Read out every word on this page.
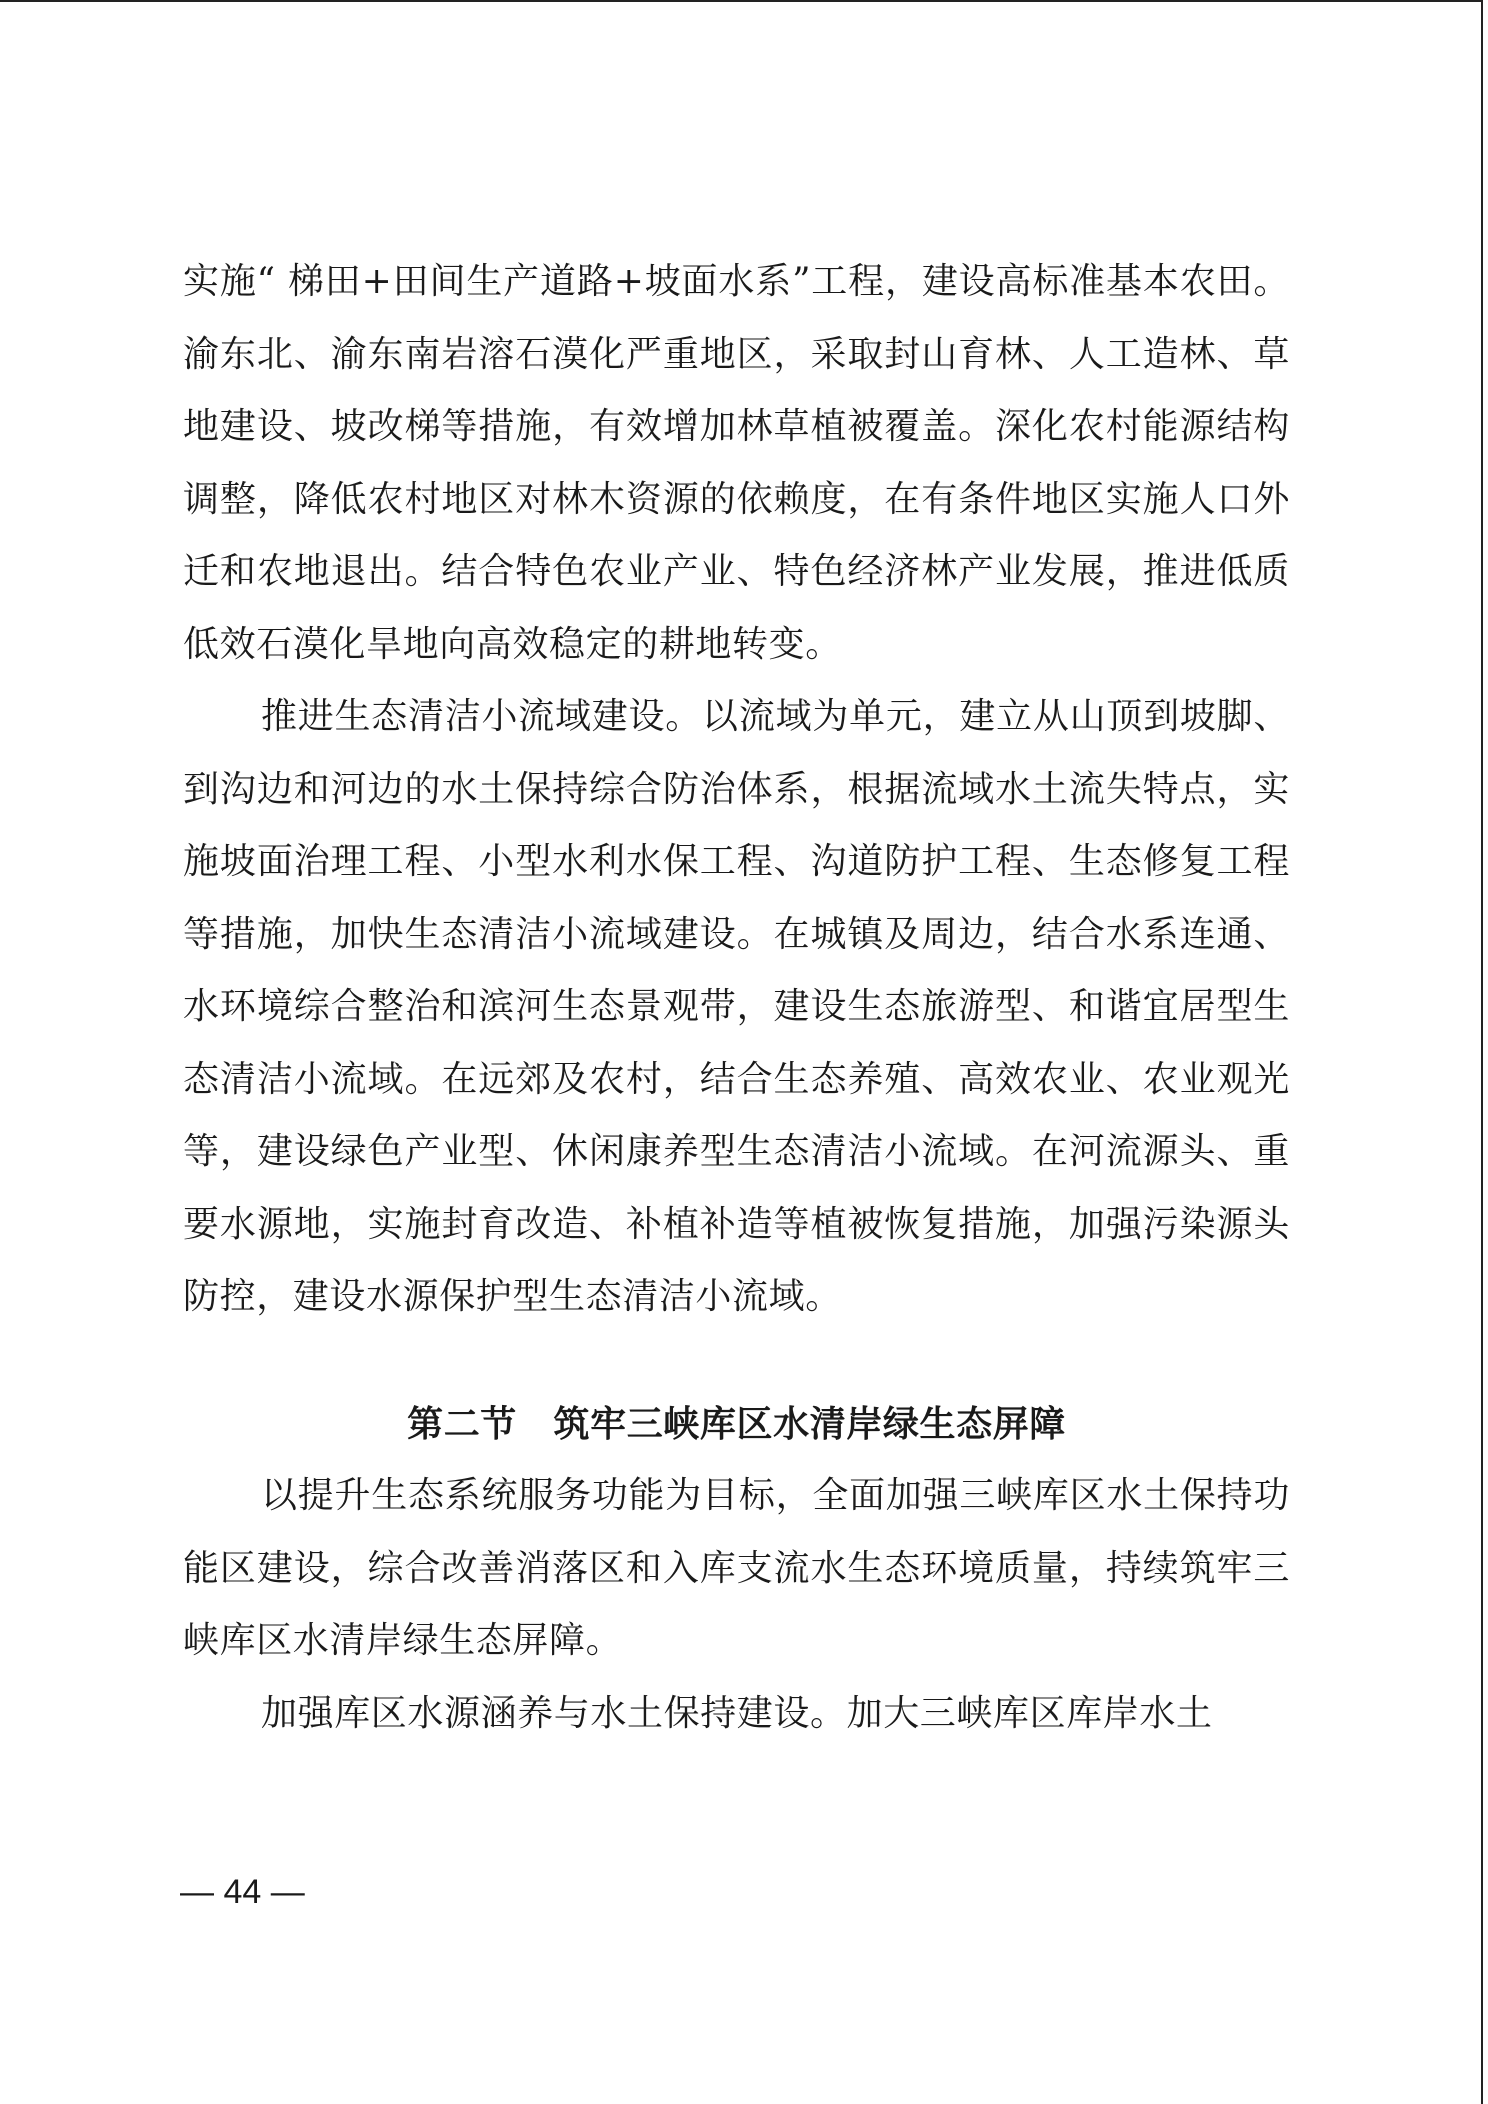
实施“ 梯田+田间生产道路+坡面水系”工程，建设高标准基本农田。渝东北、渝东南岩溶石漠化严重地区，采取封山育林、人工造林、草地建设、坡改梯等措施，有效增加林草植被覆盖。深化农村能源结构调整，降低农村地区对林木资源的依赖度，在有条件地区实施人口外迁和农地退出。结合特色农业产业、特色经济林产业发展，推进低质低效石漠化旱地向高效稳定的耕地转变。

推进生态清洁小流域建设。以流域为单元，建立从山顶到坡脚、到沟边和河边的水土保持综合防治体系，根据流域水土流失特点，实施坡面治理工程、小型水利水保工程、沟道防护工程、生态修复工程等措施，加快生态清洁小流域建设。在城镇及周边，结合水系连通、水环境综合整治和滨河生态景观带，建设生态旅游型、和谐宜居型生态清洁小流域。在远郊及农村，结合生态养殖、高效农业、农业观光等，建设绿色产业型、休闲康养型生态清洁小流域。在河流源头、重要水源地，实施封育改造、补植补造等植被恢复措施，加强污染源头防控，建设水源保护型生态清洁小流域。

第二节　筑牢三峡库区水清岸绿生态屏障

以提升生态系统服务功能为目标，全面加强三峡库区水土保持功能区建设，综合改善消落区和入库支流水生态环境质量，持续筑牢三峡库区水清岸绿生态屏障。

加强库区水源涵养与水土保持建设。加大三峡库区库岸水土

— 44 —
